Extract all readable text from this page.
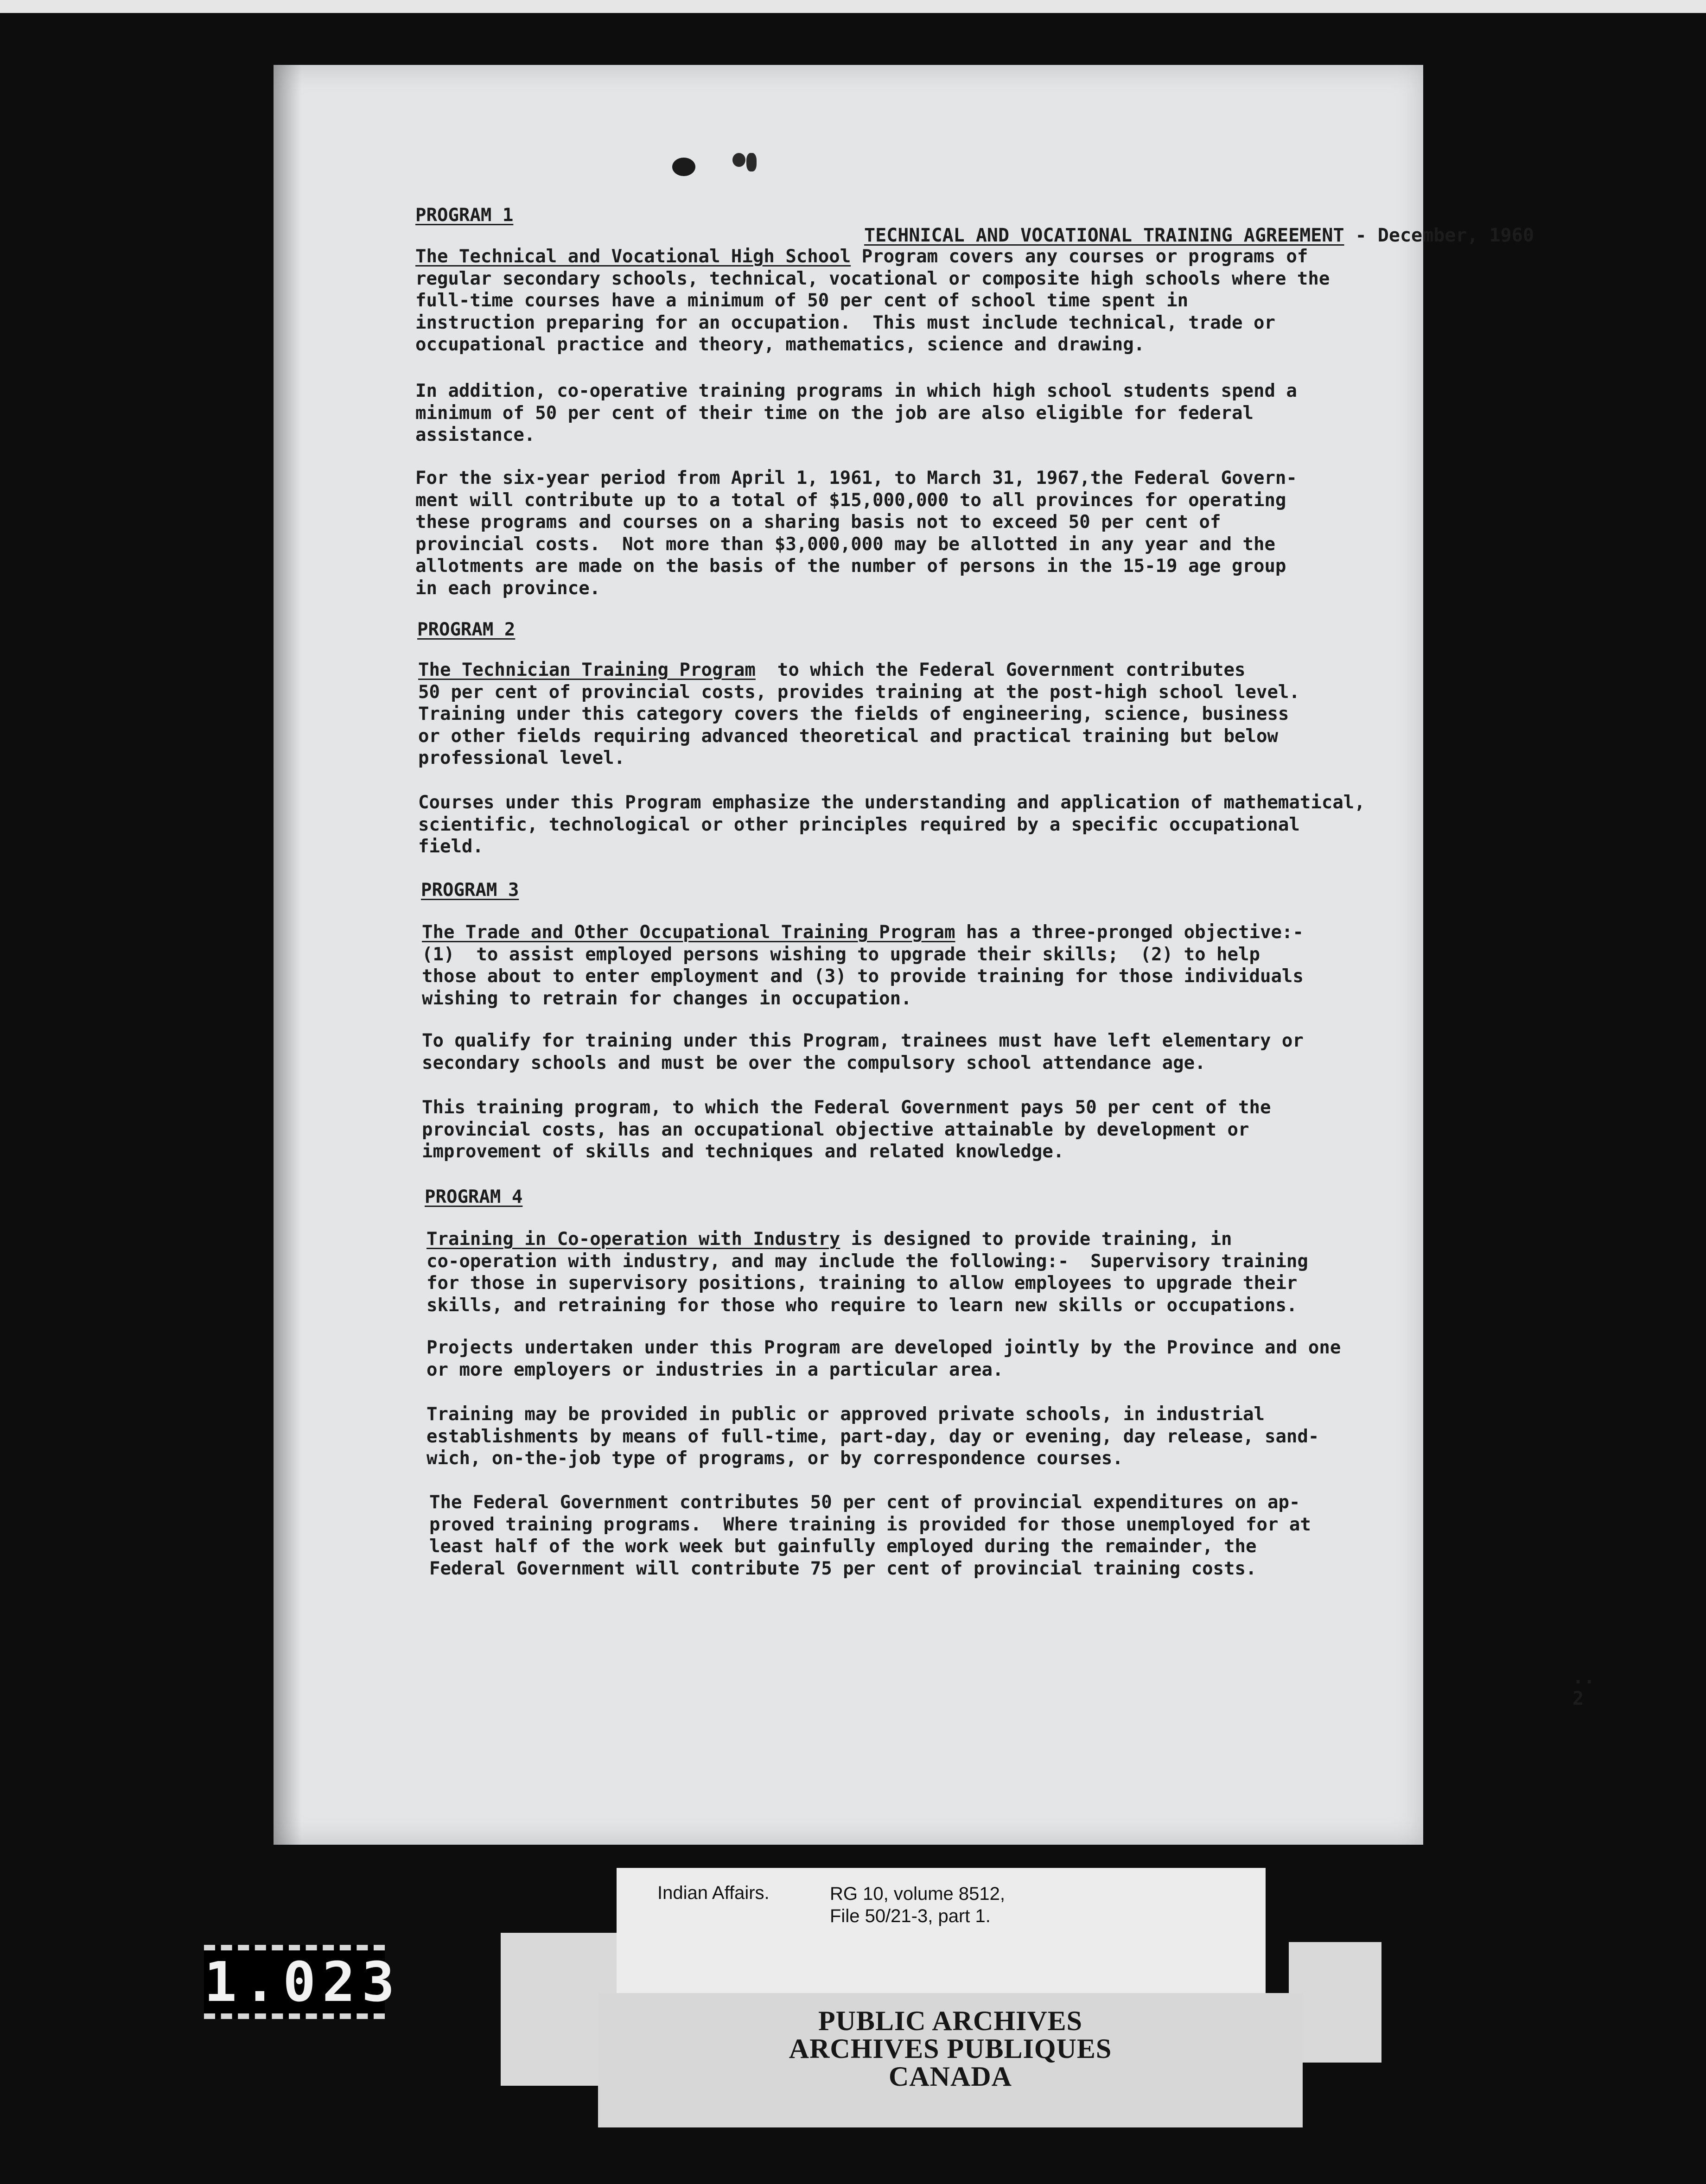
TECHNICAL AND VOCATIONAL TRAINING AGREEMENT - December, 1960
PROGRAM 1
The Technical and Vocational High School Program covers any courses or programs of
regular secondary schools, technical, vocational or composite high schools where the
full-time courses have a minimum of 50 per cent of school time spent in
instruction preparing for an occupation.  This must include technical, trade or
occupational practice and theory, mathematics, science and drawing.
In addition, co-operative training programs in which high school students spend a
minimum of 50 per cent of their time on the job are also eligible for federal
assistance.
For the six-year period from April 1, 1961, to March 31, 1967,the Federal Govern-
ment will contribute up to a total of $15,000,000 to all provinces for operating
these programs and courses on a sharing basis not to exceed 50 per cent of
provincial costs.  Not more than $3,000,000 may be allotted in any year and the
allotments are made on the basis of the number of persons in the 15-19 age group
in each province.
PROGRAM 2
The Technician Training Program  to which the Federal Government contributes
50 per cent of provincial costs, provides training at the post-high school level.
Training under this category covers the fields of engineering, science, business
or other fields requiring advanced theoretical and practical training but below
professional level.
Courses under this Program emphasize the understanding and application of mathematical,
scientific, technological or other principles required by a specific occupational
field.
PROGRAM 3
The Trade and Other Occupational Training Program has a three-pronged objective:-
(1)  to assist employed persons wishing to upgrade their skills;  (2) to help
those about to enter employment and (3) to provide training for those individuals
wishing to retrain for changes in occupation.
To qualify for training under this Program, trainees must have left elementary or
secondary schools and must be over the compulsory school attendance age.
This training program, to which the Federal Government pays 50 per cent of the
provincial costs, has an occupational objective attainable by development or
improvement of skills and techniques and related knowledge.
PROGRAM 4
Training in Co-operation with Industry is designed to provide training, in
co-operation with industry, and may include the following:-  Supervisory training
for those in supervisory positions, training to allow employees to upgrade their
skills, and retraining for those who require to learn new skills or occupations.
Projects undertaken under this Program are developed jointly by the Province and one
or more employers or industries in a particular area.
Training may be provided in public or approved private schools, in industrial
establishments by means of full-time, part-day, day or evening, day release, sand-
wich, on-the-job type of programs, or by correspondence courses.
The Federal Government contributes 50 per cent of provincial expenditures on ap-
proved training programs.  Where training is provided for those unemployed for at
least half of the work week but gainfully employed during the remainder, the
Federal Government will contribute 75 per cent of provincial training costs.
.. 2
Indian Affairs.	RG 10, volume 8512,
File 50/21-3, part 1.
PUBLIC ARCHIVES
ARCHIVES PUBLIQUES
CANADA
1.023
